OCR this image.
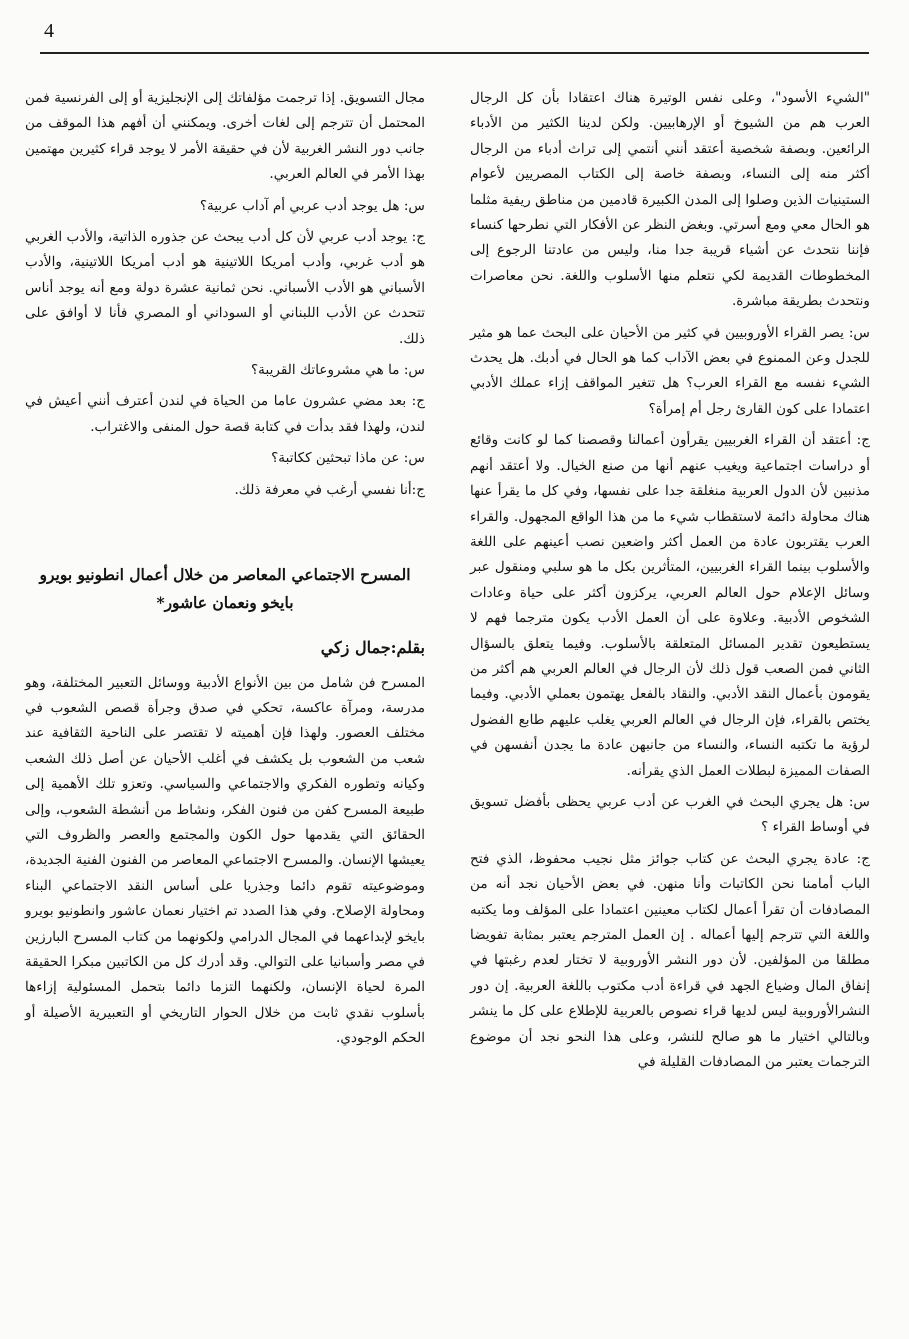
4

"الشيء الأسود"، وعلى نفس الوتيرة هناك اعتقادا بأن كل الرجال العرب هم من الشيوخ أو الإرهابيين. ولكن لدينا الكثير من الأدباء الرائعين. وبصفة شخصية أعتقد أنني أنتمي إلى تراث أدباء من الرجال أكثر منه إلى النساء، وبصفة خاصة إلى الكتاب المصريين لأعوام الستينيات الذين وصلوا إلى المدن الكبيرة قادمين من مناطق ريفية مثلما هو الحال معي ومع أسرتي. وبغض النظر عن الأفكار التي نطرحها كنساء فإننا نتحدث عن أشياء قريبة جدا منا، وليس من عادتنا الرجوع إلى المخطوطات القديمة لكي نتعلم منها الأسلوب واللغة. نحن معاصرات ونتحدث بطريقة مباشرة.

س: يصر القراء الأوروبيين في كثير من الأحيان على البحث عما هو مثير للجدل وعن الممنوع في بعض الآداب كما هو الحال في أدبك. هل يحدث الشيء نفسه مع القراء العرب؟ هل تتغير المواقف إزاء عملك الأدبي اعتمادا على كون القارئ رجل أم إمرأة؟

ج: أعتقد أن القراء الغربيين يقرأون أعمالنا وقصصنا كما لو كانت وقائع أو دراسات اجتماعية ويغيب عنهم أنها من صنع الخيال. ولا أعتقد أنهم مذنبين لأن الدول العربية منغلقة جدا على نفسها، وفي كل ما يقرأ عنها هناك محاولة دائمة لاستقطاب شيء ما من هذا الواقع المجهول. والقراء العرب يقتربون عادة من العمل أكثر واضعين نصب أعينهم على اللغة والأسلوب بينما القراء الغربيين، المتأثرين بكل ما هو سلبي ومنقول عبر وسائل الإعلام حول العالم العربي، يركزون أكثر على حياة وعادات الشخوص الأدبية. وعلاوة على أن العمل الأدب يكون مترجما فهم لا يستطيعون تقدير المسائل المتعلقة بالأسلوب. وفيما يتعلق بالسؤال الثاني فمن الصعب قول ذلك لأن الرجال في العالم العربي هم أكثر من يقومون بأعمال النقد الأدبي. والنقاد بالفعل يهتمون بعملي الأدبي. وفيما يختص بالقراء، فإن الرجال في العالم العربي يغلب عليهم طابع الفضول لرؤية ما تكتبه النساء، والنساء من جانبهن عادة ما يجدن أنفسهن في الصفات المميزة لبطلات العمل الذي يقرأنه.

س: هل يجري البحث في الغرب عن أدب عربي يحظى بأفضل تسويق في أوساط القراء ؟

ج: عادة يجري البحث عن كتاب جوائز مثل نجيب محفوظ، الذي فتح الباب أمامنا نحن الكاتبات وأنا منهن. في بعض الأحيان نجد أنه من المصادفات أن تقرأ أعمال لكتاب معينين اعتمادا على المؤلف وما يكتبه واللغة التي تترجم إليها أعماله . إن العمل المترجم يعتبر بمثابة تفويضا مطلقا من المؤلفين. لأن دور النشر الأوروبية لا تختار لعدم رغبتها في إنفاق المال وضياع الجهد في قراءة أدب مكتوب باللغة العربية. إن دور النشرالأوروبية ليس لديها قراء نصوص بالعربية للإطلاع على كل ما ينشر وبالتالي اختيار ما هو صالح للنشر، وعلى هذا النحو نجد أن موضوع الترجمات يعتبر من المصادفات القليلة في

مجال التسويق. إذا ترجمت مؤلفاتك إلى الإنجليزية أو إلى الفرنسية فمن المحتمل أن تترجم إلى لغات أخرى. ويمكنني أن أفهم هذا الموقف من جانب دور النشر الغربية لأن في حقيقة الأمر لا يوجد قراء كثيرين مهتمين بهذا الأمر في العالم العربي.

س: هل يوجد أدب عربي أم آداب عربية؟

ج: يوجد أدب عربي لأن كل أدب يبحث عن جذوره الذاتية، والأدب الغربي هو أدب غربي، وأدب أمريكا اللاتينية هو أدب أمريكا اللاتينية، والأدب الأسباني هو الأدب الأسباني. نحن ثمانية عشرة دولة ومع أنه يوجد أناس تتحدث عن الأدب اللبناني أو السوداني أو المصري فأنا لا أوافق على ذلك.

س: ما هي مشروعاتك القريبة؟

ج: بعد مضي عشرون عاما من الحياة في لندن أعترف أنني أعيش في لندن، ولهذا فقد بدأت في كتابة قصة حول المنفى والاغتراب.

س: عن ماذا تبحثين ككاتبة؟

ج:أنا نفسي أرغب في معرفة ذلك.

المسرح الاجتماعي المعاصر من خلال أعمال انطونيو بويرو بايخو ونعمان عاشور*
بقلم:جمال زكي

المسرح فن شامل من بين الأنواع الأدبية ووسائل التعبير المختلفة، وهو مدرسة، ومرآة عاكسة، تحكي في صدق وجرأة قصص الشعوب في مختلف العصور. ولهذا فإن أهميته لا تقتصر على الناحية الثقافية عند شعب من الشعوب بل يكشف في أغلب الأحيان عن أصل ذلك الشعب وكيانه وتطوره الفكري والاجتماعي والسياسي. وتعزو تلك الأهمية إلى طبيعة المسرح كفن من فنون الفكر، ونشاط من أنشطة الشعوب، وإلى الحقائق التي يقدمها حول الكون والمجتمع والعصر والظروف التي يعيشها الإنسان. والمسرح الاجتماعي المعاصر من الفنون الفنية الجديدة، وموضوعيته تقوم دائما وجذريا على أساس النقد الاجتماعي البناء ومحاولة الإصلاح. وفي هذا الصدد تم اختيار نعمان عاشور وانطونيو بويرو بايخو لإبداعهما في المجال الدرامي ولكونهما من كتاب المسرح البارزين في مصر وأسبانيا على التوالي. وقد أدرك كل من الكاتبين مبكرا الحقيقة المرة لحياة الإنسان، ولكنهما التزما دائما بتحمل المسئولية إزاءها بأسلوب نقدي ثابت من خلال الحوار التاريخي أو التعبيرية الأصيلة أو الحكم الوجودي.
